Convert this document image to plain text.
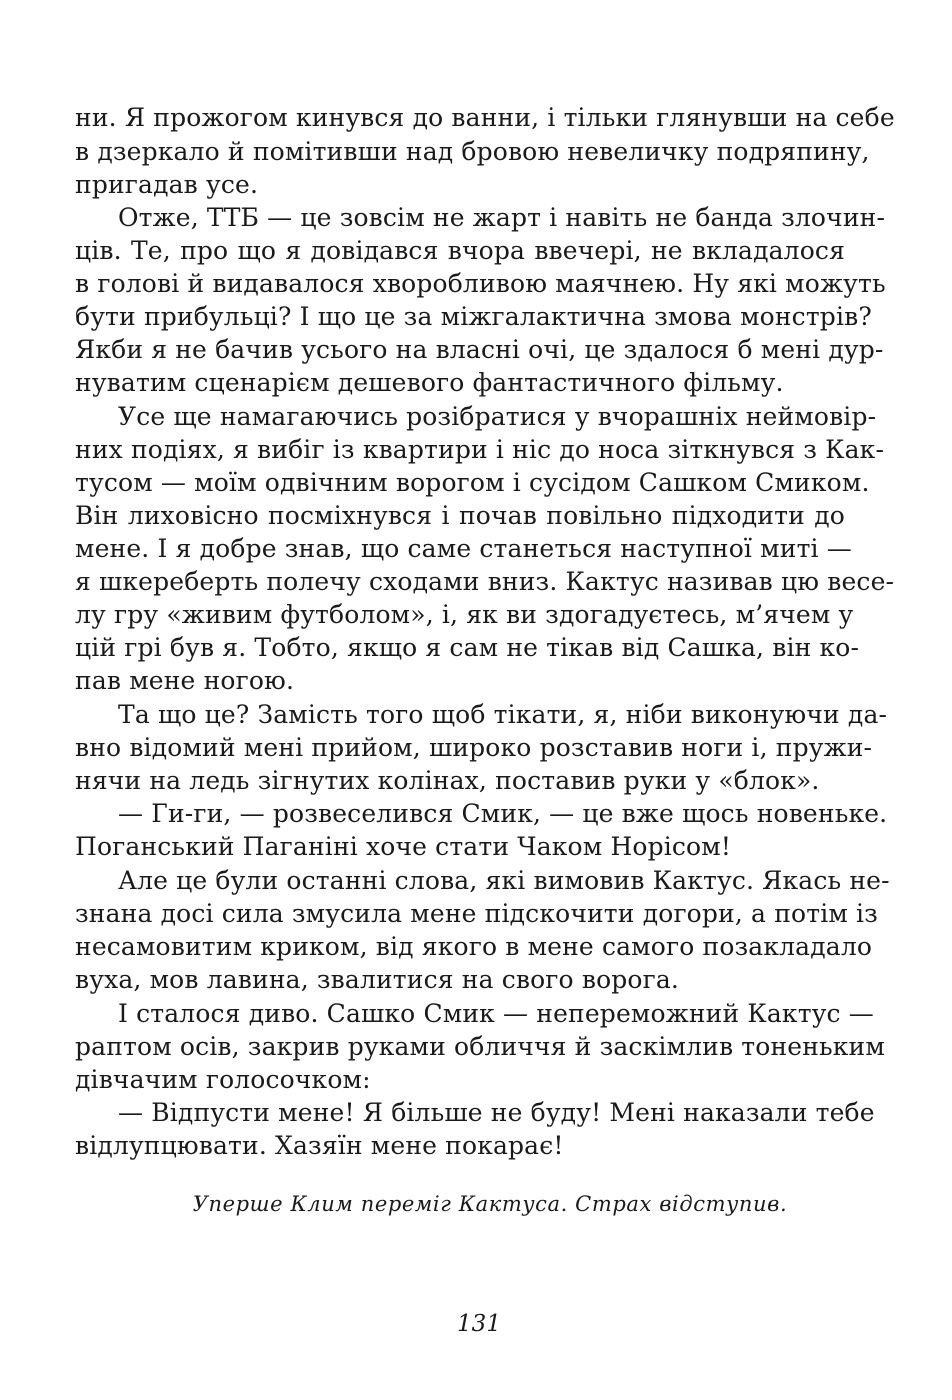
ни. Я прожогом кинувся до ванни, і тільки глянувши на себе
в дзеркало й помітивши над бровою невеличку подряпину,
пригадав усе.
Отже, ТТБ — це зовсім не жарт і навіть не банда злочин-
ців. Те, про що я довідався вчора ввечері, не вкладалося
в голові й видавалося хворобливою маячнею. Ну які можуть
бути прибульці? І що це за міжгалактична змова монстрів?
Якби я не бачив усього на власні очі, це здалося б мені дур-
нуватим сценарієм дешевого фантастичного фільму.
Усе ще намагаючись розібратися у вчорашніх неймовір-
них подіях, я вибіг із квартири і ніс до носа зіткнувся з Как-
тусом — моїм одвічним ворогом і сусідом Сашком Смиком.
Він лиховісно посміхнувся і почав повільно підходити до
мене. І я добре знав, що саме станеться наступної миті —
я шкереберть полечу сходами вниз. Кактус називав цю весе-
лу гру «живим футболом», і, як ви здогадуєтесь, м’ячем у
цій грі був я. Тобто, якщо я сам не тікав від Сашка, він ко-
пав мене ногою.
Та що це? Замість того щоб тікати, я, ніби виконуючи да-
вно відомий мені прийом, широко розставив ноги і, пружи-
нячи на ледь зігнутих колінах, поставив руки у «блок».
— Ги-ги, — розвеселився Смик, — це вже щось новеньке.
Поганський Паганіні хоче стати Чаком Норісом!
Але це були останні слова, які вимовив Кактус. Якась не-
знана досі сила змусила мене підскочити догори, а потім із
несамовитим криком, від якого в мене самого позакладало
вуха, мов лавина, звалитися на свого ворога.
І сталося диво. Сашко Смик — непереможний Кактус —
раптом осів, закрив руками обличчя й заскімлив тоненьким
дівчачим голосочком:
— Відпусти мене! Я більше не буду! Мені наказали тебе
відлупцювати. Хазяїн мене покарає!
Уперше Клим переміг Кактуса. Страх відступив.
131
